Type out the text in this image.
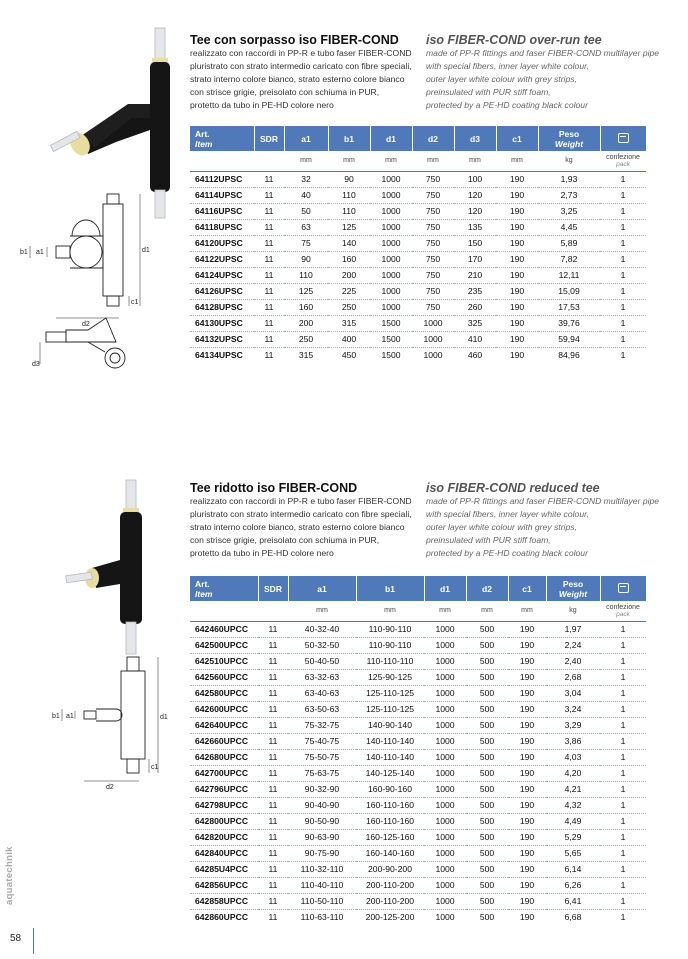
b1 a1	d1
c1
d2
d3
Tee con sorpasso iso FIBER-COND iso FIBER-COND over-run tee
realizzato con raccordi in PP-R e tubo faser FIBER-COND
pluristrato con strato intermedio caricato con fibre speciali,
strato interno colore bianco, strato esterno colore bianco
con strisce grigie, preisolato con schiuma in PUR,
protetto da tubo in PE-HD colore nero
made of PP-R fittings and faser FIBER-COND multilayer pipe
with special fibers, inner layer white colour,
outer layer white colour with grey strips,
preinsulated with PUR stiff foam,
protected by a PE-HD coating black colour
Art.
Item	SDR	a1	b1	d1	d2	d3	c1	Peso
Weight	

		mm	mm	mm	mm	mm	mm	kg	confezione
pack

64112UPSC	11	32	90	1000	750	100	190	1,93	1
64114UPSC	11	40	110	1000	750	120	190	2,73	1
64116UPSC	11	50	110	1000	750	120	190	3,25	1
64118UPSC	11	63	125	1000	750	135	190	4,45	1
64120UPSC	11	75	140	1000	750	150	190	5,89	1
64122UPSC	11	90	160	1000	750	170	190	7,82	1
64124UPSC	11	110	200	1000	750	210	190	12,11	1
64126UPSC	11	125	225	1000	750	235	190	15,09	1
64128UPSC	11	160	250	1000	750	260	190	17,53	1
64130UPSC	11	200	315	1500	1000	325	190	39,76	1
64132UPSC	11	250	400	1500	1000	410	190	59,94	1
64134UPSC	11	315	450	1500	1000	460	190	84,96	1
b1 a1	d1
c1
d2
Tee ridotto iso FIBER-COND	iso FIBER-COND reduced tee
realizzato con raccordi in PP-R e tubo faser FIBER-COND
pluristrato con strato intermedio caricato con fibre speciali,
strato interno colore bianco, strato esterno colore bianco
con strisce grigie, preisolato con schiuma in PUR,
protetto da tubo in PE-HD colore nero
made of PP-R fittings and faser FIBER-COND multilayer pipe
with special fibers, inner layer white colour,
outer layer white colour with grey strips,
preinsulated with PUR stiff foam,
protected by a PE-HD coating black colour
Art.
Item	SDR	a1	b1	d1	d2	c1	Peso
Weight	

		mm	mm	mm	mm	mm	kg	confezione
pack

642460UPCC	11	40-32-40	110-90-110	1000	500	190	1,97	1
642500UPCC	11	50-32-50	110-90-110	1000	500	190	2,24	1
642510UPCC	11	50-40-50	110-110-110	1000	500	190	2,40	1
642560UPCC	11	63-32-63	125-90-125	1000	500	190	2,68	1
642580UPCC	11	63-40-63	125-110-125	1000	500	190	3,04	1
642600UPCC	11	63-50-63	125-110-125	1000	500	190	3,24	1
642640UPCC	11	75-32-75	140-90-140	1000	500	190	3,29	1
642660UPCC	11	75-40-75	140-110-140	1000	500	190	3,86	1
642680UPCC	11	75-50-75	140-110-140	1000	500	190	4,03	1
642700UPCC	11	75-63-75	140-125-140	1000	500	190	4,20	1
642796UPCC	11	90-32-90	160-90-160	1000	500	190	4,21	1
642798UPCC	11	90-40-90	160-110-160	1000	500	190	4,32	1
642800UPCC	11	90-50-90	160-110-160	1000	500	190	4,49	1
642820UPCC	11	90-63-90	160-125-160	1000	500	190	5,29	1
642840UPCC	11	90-75-90	160-140-160	1000	500	190	5,65	1
64285U4PCC	11	110-32-110	200-90-200	1000	500	190	6,14	1
642856UPCC	11	110-40-110	200-110-200	1000	500	190	6,26	1
642858UPCC	11	110-50-110	200-110-200	1000	500	190	6,41	1
642860UPCC	11	110-63-110	200-125-200	1000	500	190	6,68	1
aquatechnik
58
